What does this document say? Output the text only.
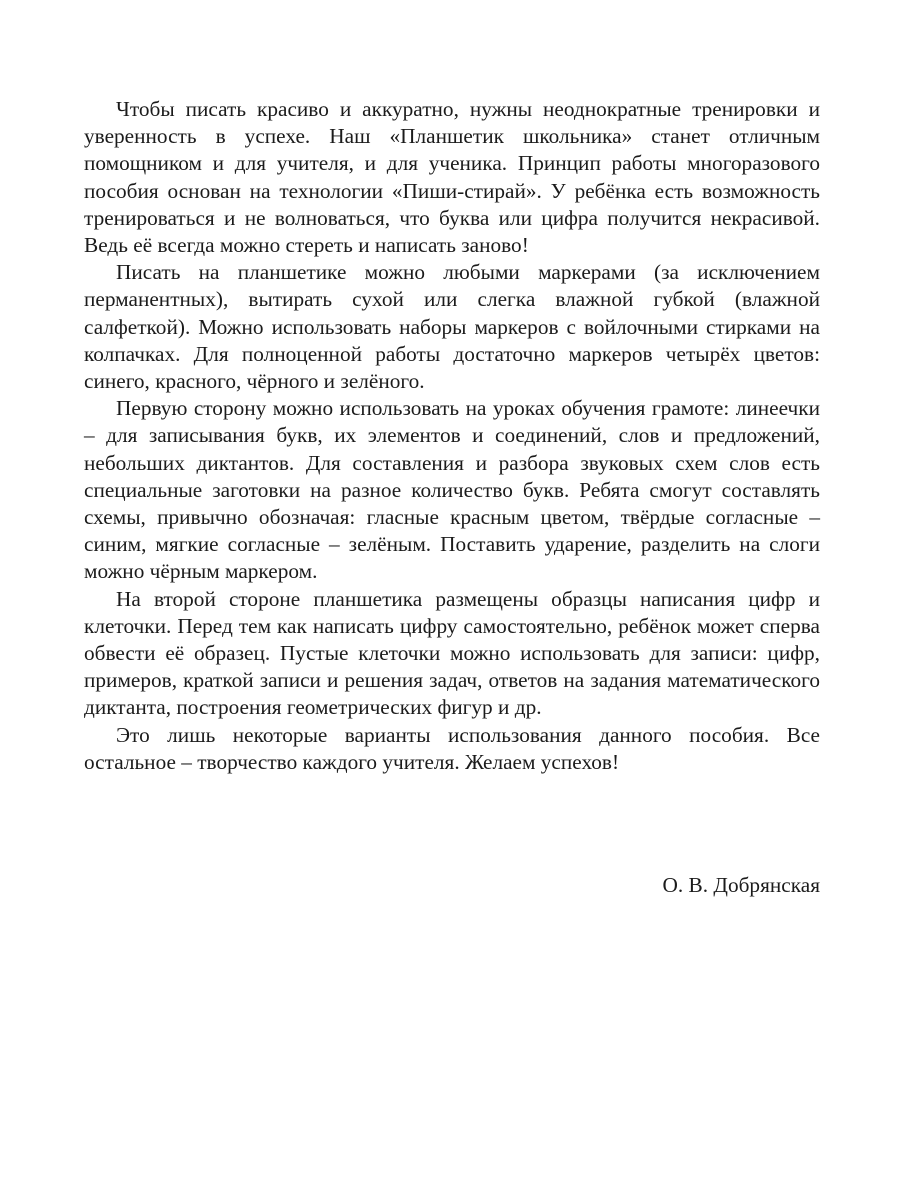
Чтобы писать красиво и аккуратно, нужны неоднократные тренировки и уверенность в успехе. Наш «Планшетик школьника» станет отличным помощником и для учителя, и для ученика. Принцип работы многоразового пособия основан на технологии «Пиши-стирай». У ребёнка есть возможность тренироваться и не волноваться, что буква или цифра получится некрасивой. Ведь её всегда можно стереть и написать заново!

Писать на планшетике можно любыми маркерами (за исключением перманентных), вытирать сухой или слегка влажной губкой (влажной салфеткой). Можно использовать наборы маркеров с войлочными стирками на колпачках. Для полноценной работы достаточно маркеров четырёх цветов: синего, красного, чёрного и зелёного.

Первую сторону можно использовать на уроках обучения грамоте: линеечки – для записывания букв, их элементов и соединений, слов и предложений, небольших диктантов. Для составления и разбора звуковых схем слов есть специальные заготовки на разное количество букв. Ребята смогут составлять схемы, привычно обозначая: гласные красным цветом, твёрдые согласные – синим, мягкие согласные – зелёным. Поставить ударение, разделить на слоги можно чёрным маркером.

На второй стороне планшетика размещены образцы написания цифр и клеточки. Перед тем как написать цифру самостоятельно, ребёнок может сперва обвести её образец. Пустые клеточки можно использовать для записи: цифр, примеров, краткой записи и решения задач, ответов на задания математического диктанта, построения геометрических фигур и др.

Это лишь некоторые варианты использования данного пособия. Все остальное – творчество каждого учителя. Желаем успехов!

О. В. Добрянская
